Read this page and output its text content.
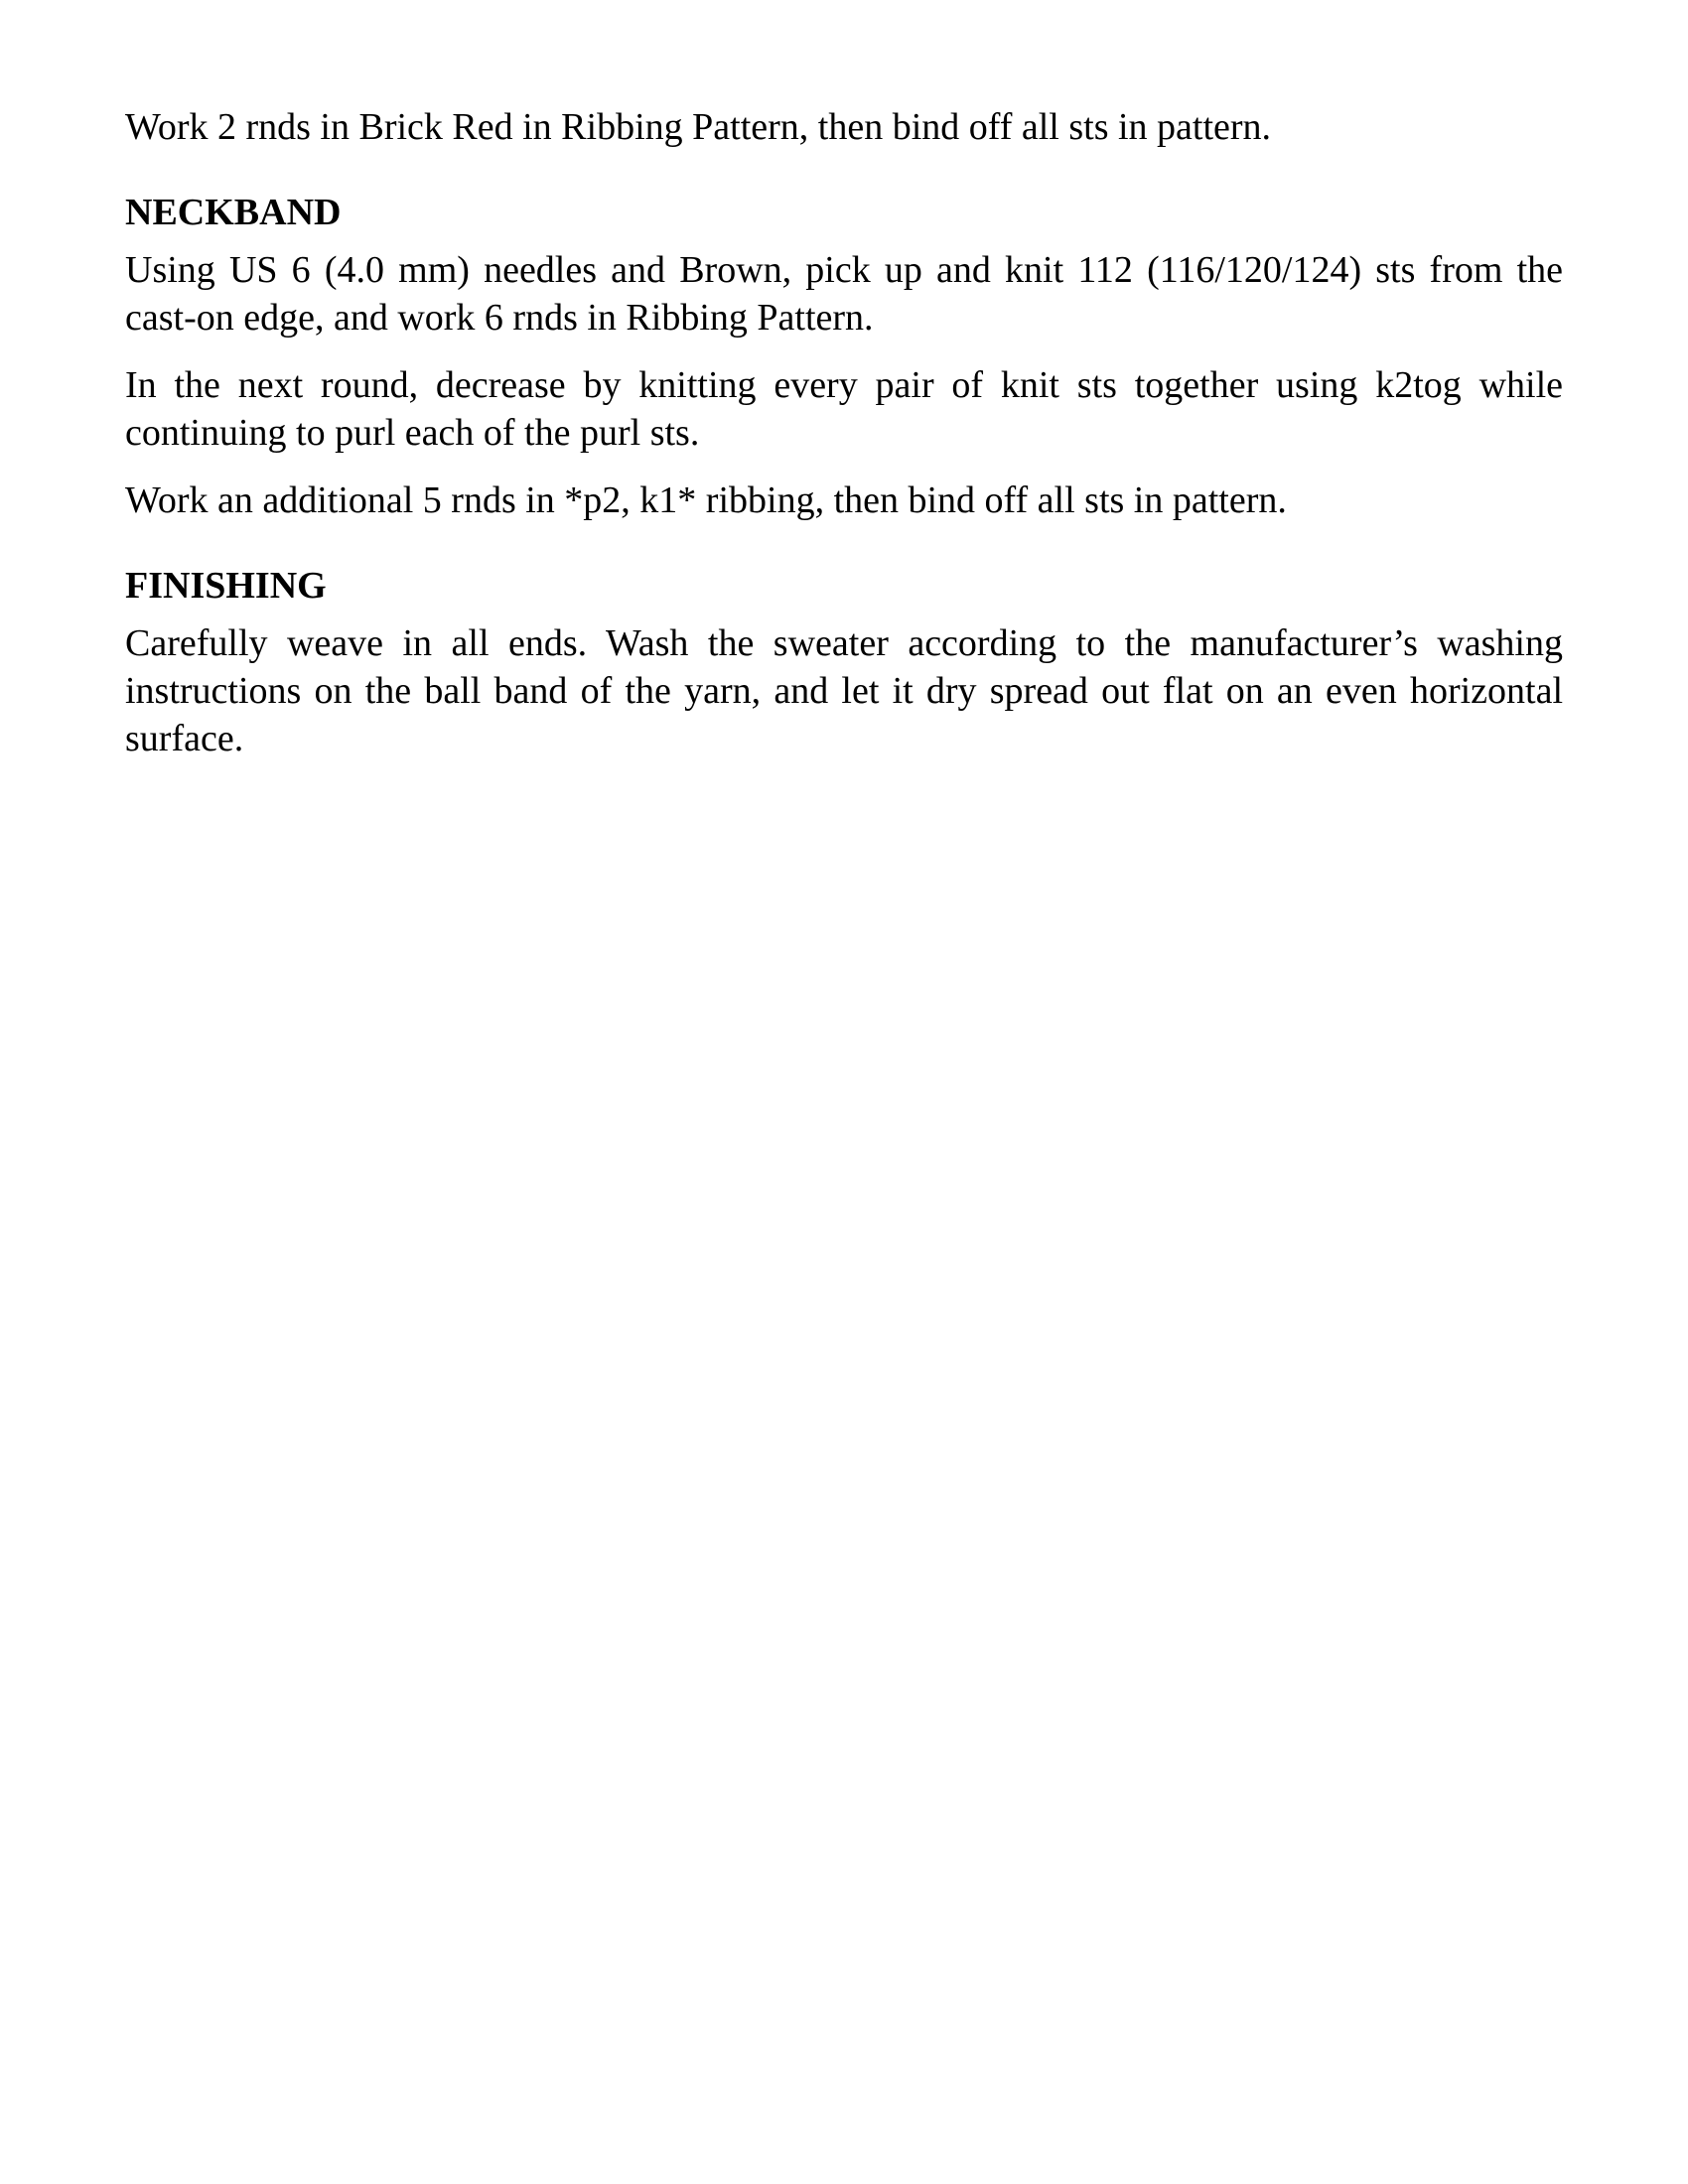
Work 2 rnds in Brick Red in Ribbing Pattern, then bind off all sts in pattern.

NECKBAND

Using US 6 (4.0 mm) needles and Brown, pick up and knit 112 (116/120/124) sts from the cast-on edge, and work 6 rnds in Ribbing Pattern.

In the next round, decrease by knitting every pair of knit sts together using k2tog while continuing to purl each of the purl sts.

Work an additional 5 rnds in *p2, k1* ribbing, then bind off all sts in pattern.

FINISHING

Carefully weave in all ends. Wash the sweater according to the manufacturer’s washing instructions on the ball band of the yarn, and let it dry spread out flat on an even horizontal surface.
